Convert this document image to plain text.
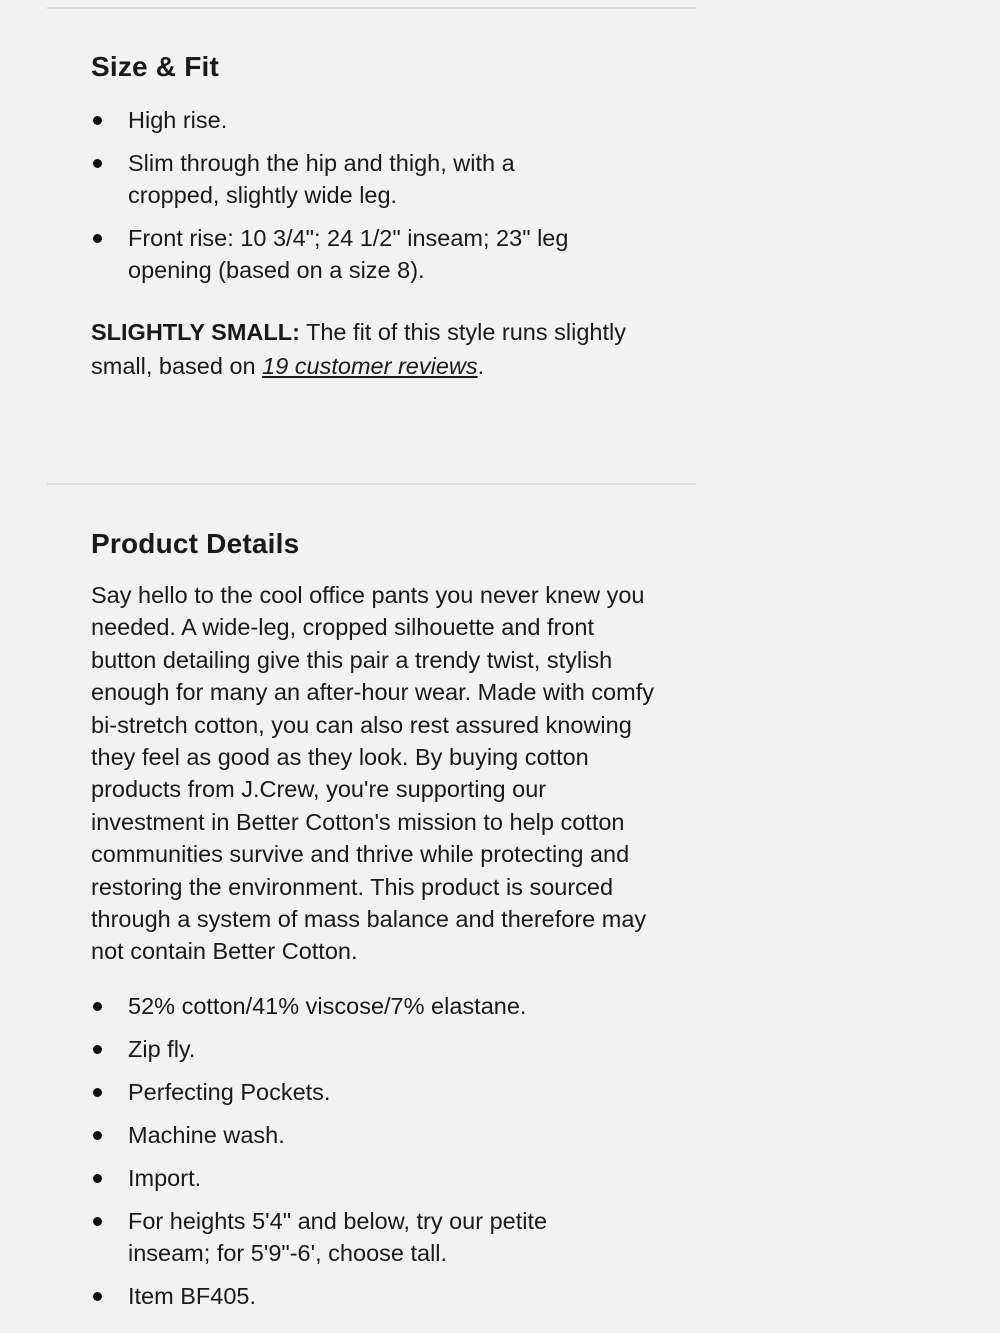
Size & Fit
High rise.
Slim through the hip and thigh, with a cropped, slightly wide leg.
Front rise: 10 3/4"; 24 1/2" inseam; 23" leg opening (based on a size 8).

SLIGHTLY SMALL: The fit of this style runs slightly small, based on 19 customer reviews.

Product Details

Say hello to the cool office pants you never knew you needed. A wide-leg, cropped silhouette and front button detailing give this pair a trendy twist, stylish enough for many an after-hour wear. Made with comfy bi-stretch cotton, you can also rest assured knowing they feel as good as they look. By buying cotton products from J.Crew, you're supporting our investment in Better Cotton's mission to help cotton communities survive and thrive while protecting and restoring the environment. This product is sourced through a system of mass balance and therefore may not contain Better Cotton.

52% cotton/41% viscose/7% elastane.
Zip fly.
Perfecting Pockets.
Machine wash.
Import.
For heights 5'4" and below, try our petite inseam; for 5'9"-6', choose tall.
Item BF405.
